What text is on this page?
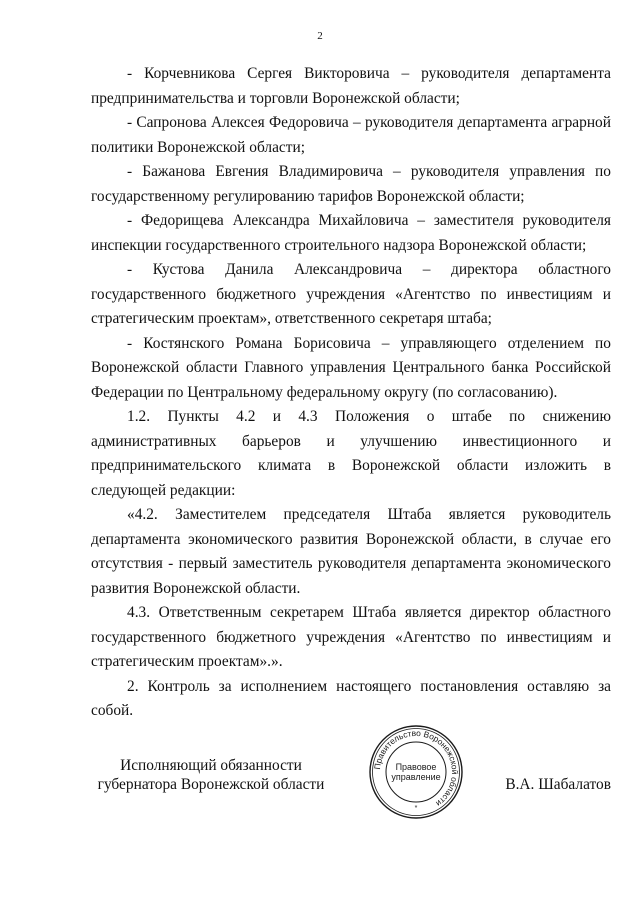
2

- Корчевникова Сергея Викторовича – руководителя департамента предпринимательства и торговли Воронежской области;

- Сапронова Алексея Федоровича – руководителя департамента аграрной политики Воронежской области;

- Бажанова Евгения Владимировича – руководителя управления по государственному регулированию тарифов Воронежской области;

- Федорищева Александра Михайловича – заместителя руководителя инспекции государственного строительного надзора Воронежской области;

- Кустова Данила Александровича – директора областного государственного бюджетного учреждения «Агентство по инвестициям и стратегическим проектам», ответственного секретаря штаба;

- Костянского Романа Борисовича – управляющего отделением по Воронежской области Главного управления Центрального банка Российской Федерации по Центральному федеральному округу (по согласованию).

1.2. Пункты 4.2 и 4.3 Положения о штабе по снижению административных барьеров и улучшению инвестиционного и предпринимательского климата в Воронежской области изложить в следующей редакции:

«4.2. Заместителем председателя Штаба является руководитель департамента экономического развития Воронежской области, в случае его отсутствия - первый заместитель руководителя департамента экономического развития Воронежской области.

4.3. Ответственным секретарем Штаба является директор областного государственного бюджетного учреждения «Агентство по инвестициям и стратегическим проектам».».

2. Контроль за исполнением настоящего постановления оставляю за собой.

Исполняющий обязанности
губернатора Воронежской области
Правительство Воронежской области
Правовое
управление
*
В.А. Шабалатов
